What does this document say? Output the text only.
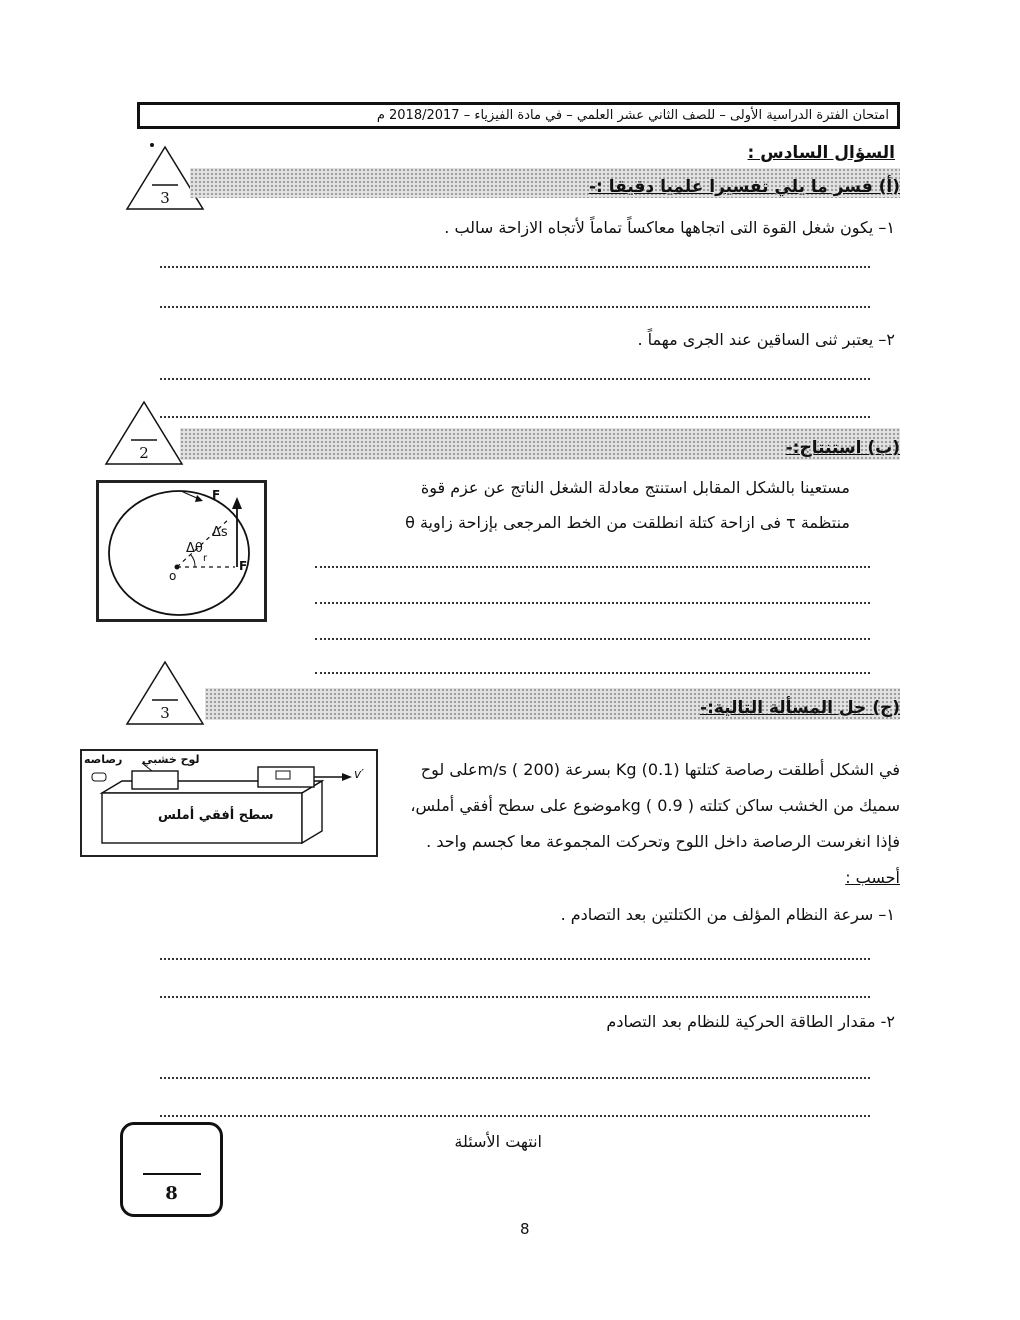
امتحان الفترة الدراسية الأولى – للصف الثاني عشر العلمي – في مادة الفيزياء – 2018/2017 م
السؤال السادس :
3
(أ) فسر ما يلي تفسيرا علميا دقيقا :-
١– يكون شغل القوة التى اتجاهها معاكساً تماماً لأتجاه الازاحة سالب .
٢– يعتبر ثنى الساقين عند الجرى مهماً .
2	(ب) استنتاج:-
F
F
Δs
Δθ
r
o
مستعينا بالشكل المقابل استنتج معادلة الشغل الناتج عن عزم قوة
منتظمة τ فى ازاحة كتلة انطلقت من الخط المرجعى بإزاحة زاوية θ
3	(ج) حل المسألة التالية:-
رصاصه لوح خشبي
v′
سطح أفقي أملس
في الشكل أطلقت رصاصة كتلتها Kg (0.1) بسرعة m/s ( 200)على لوح
سميك من الخشب ساكن كتلته kg ( 0.9 )موضوع على سطح أفقي أملس،
فإذا انغرست الرصاصة داخل اللوح وتحركت المجموعة معا كجسم واحد .
أحسب :
١– سرعة النظام المؤلف من الكتلتين بعد التصادم .
٢- مقدار الطاقة الحركية للنظام بعد التصادم
8
انتهت الأسئلة
8
